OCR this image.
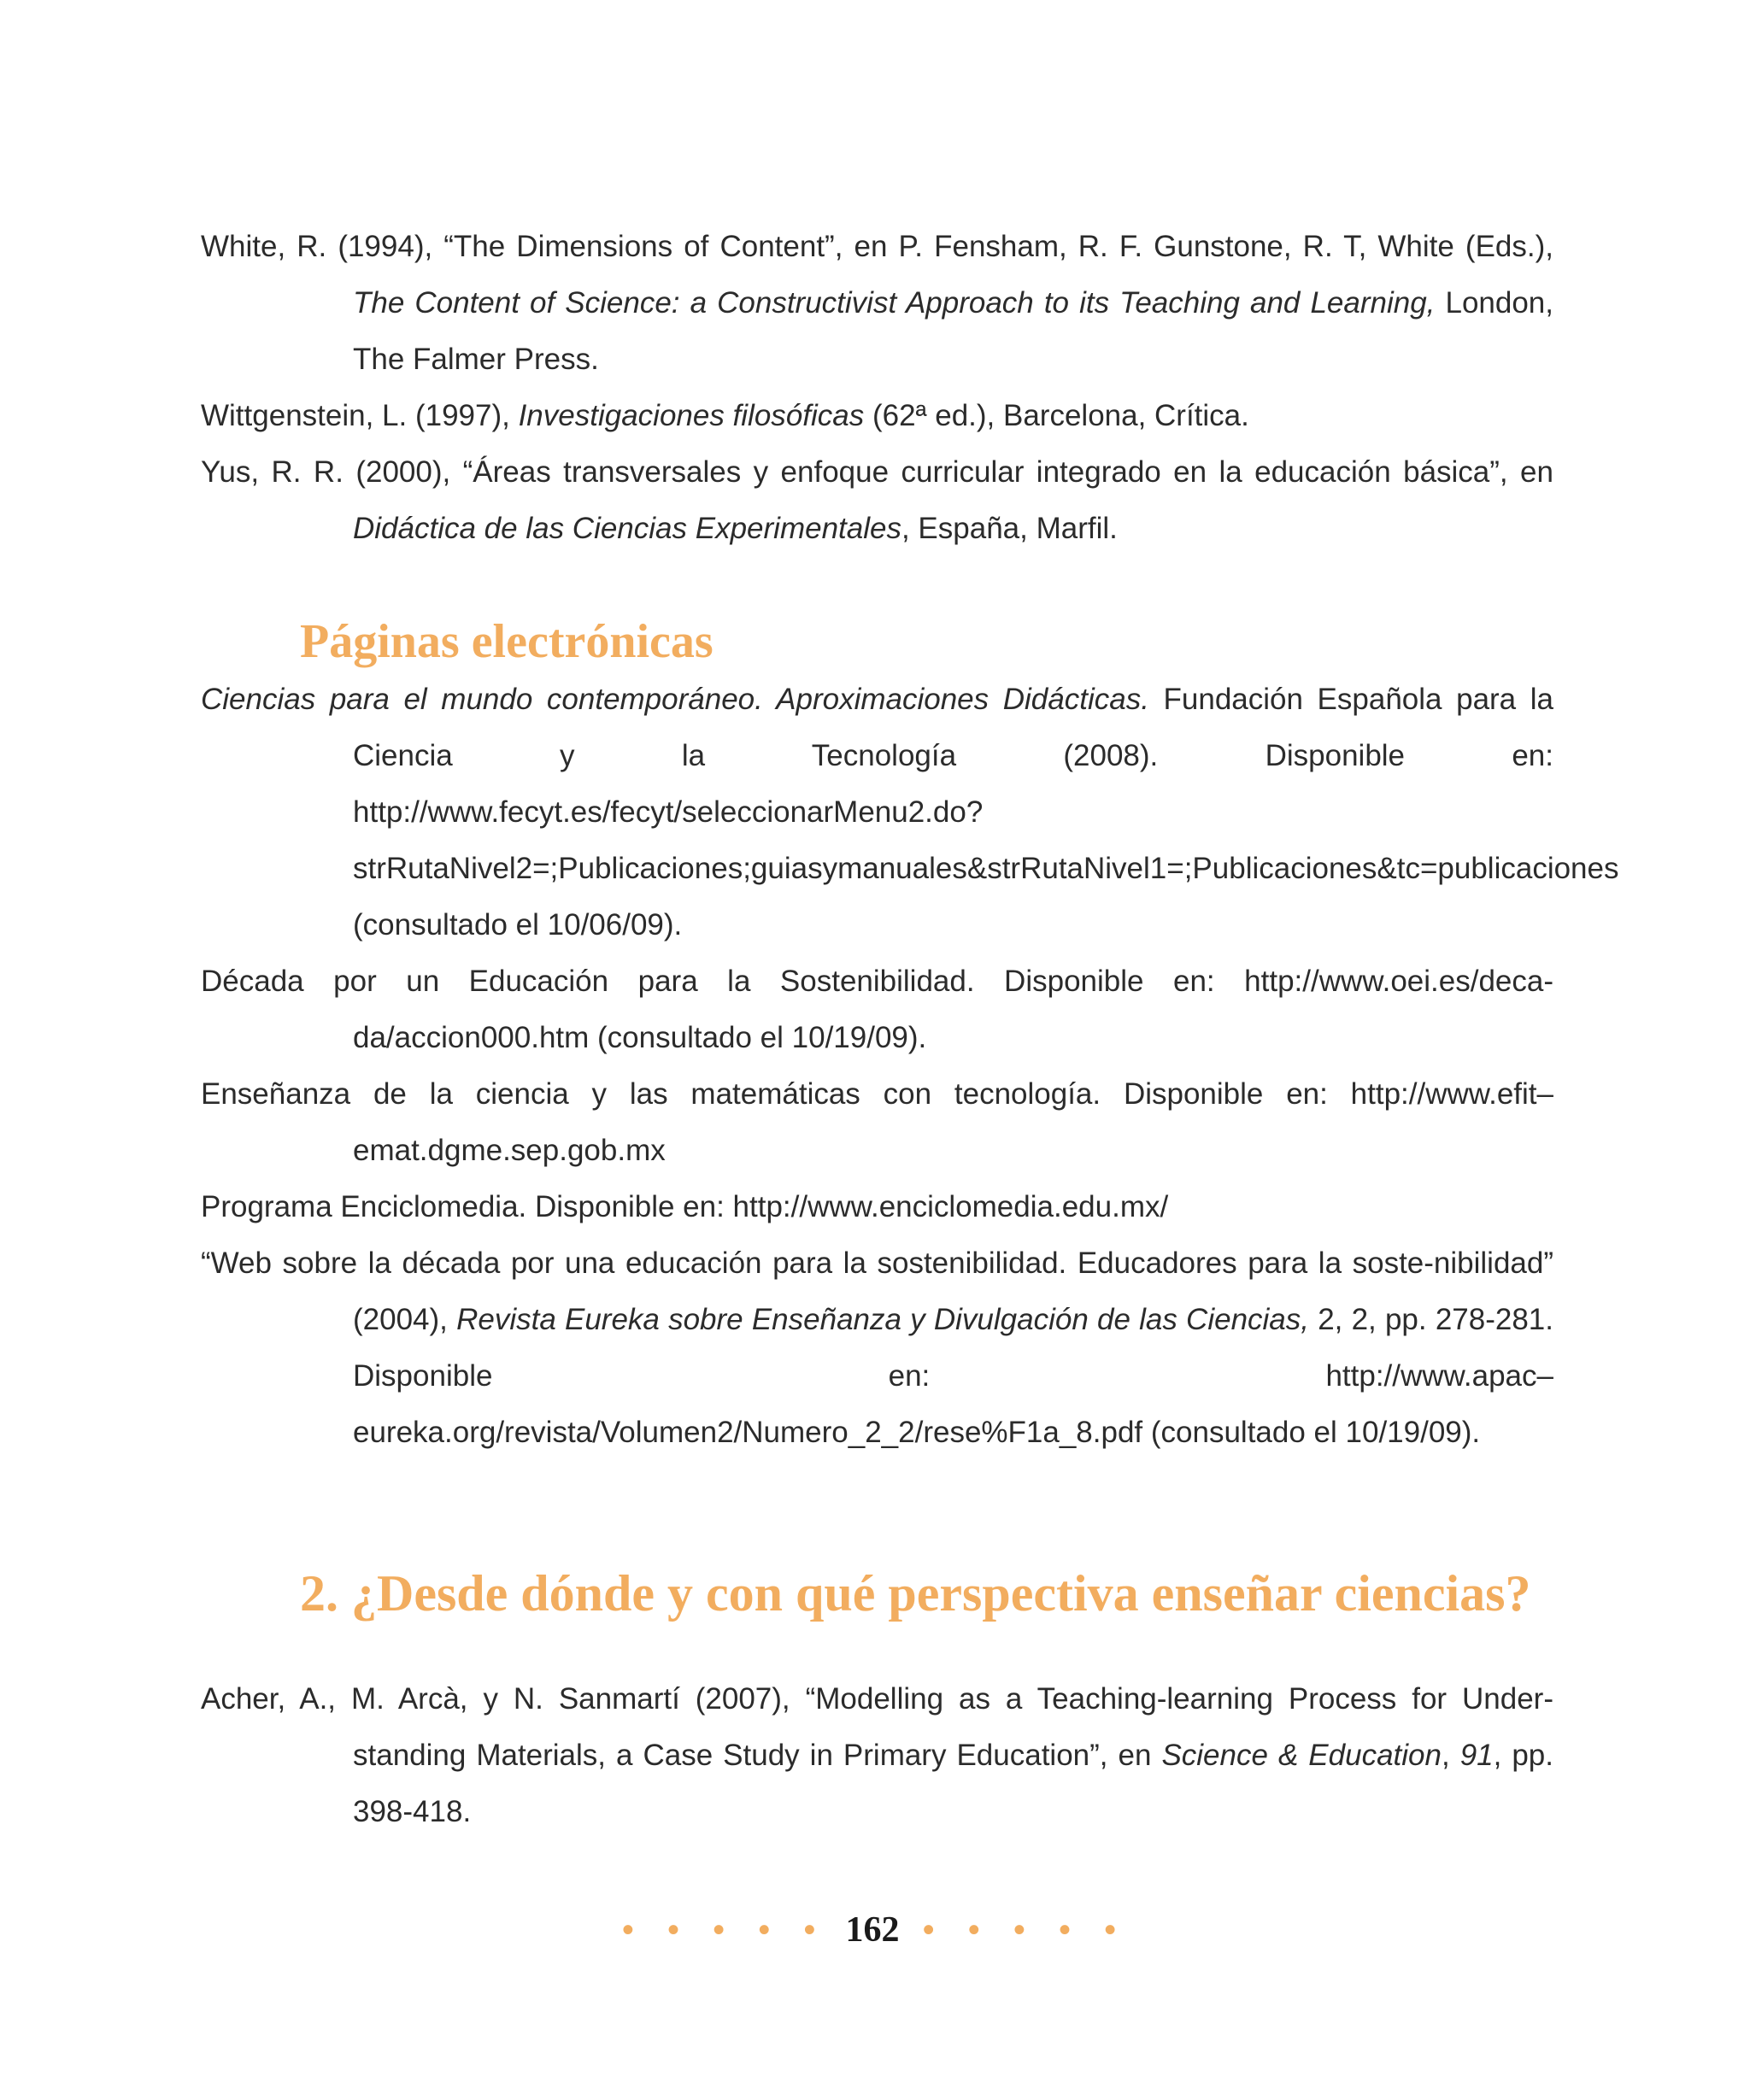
White, R. (1994), “The Dimensions of Content”, en P. Fensham, R. F. Gunstone, R. T, White (Eds.), The Content of Science: a Constructivist Approach to its Teaching and Learning, London, The Falmer Press.

Wittgenstein, L. (1997), Investigaciones filosóficas (62ª ed.), Barcelona, Crítica.

Yus, R. R. (2000), “Áreas transversales y enfoque curricular integrado en la educación básica”, en Didáctica de las Ciencias Experimentales, España, Marfil.

Páginas electrónicas

Ciencias para el mundo contemporáneo. Aproximaciones Didácticas. Fundación Española para la Ciencia y la Tecnología (2008). Disponible en: http://www.fecyt.es/fecyt/seleccionarMenu2.do?strRutaNivel2=;Publicaciones;guiasymanuales&strRutaNivel1=;Publicaciones&tc=publicaciones (consultado el 10/06/09).

Década por un Educación para la Sostenibilidad. Disponible en: http://www.oei.es/deca-da/accion000.htm (consultado el 10/19/09).

Enseñanza de la ciencia y las matemáticas con tecnología. Disponible en: http://www.efit–emat.dgme.sep.gob.mx

Programa Enciclomedia. Disponible en: http://www.enciclomedia.edu.mx/

“Web sobre la década por una educación para la sostenibilidad. Educadores para la soste-nibilidad” (2004), Revista Eureka sobre Enseñanza y Divulgación de las Ciencias, 2, 2, pp. 278-281. Disponible en: http://www.apac–eureka.org/revista/Volumen2/Numero_2_2/rese%F1a_8.pdf (consultado el 10/19/09).

2. ¿Desde dónde y con qué perspectiva enseñar ciencias?

Acher, A., M. Arcà, y N. Sanmartí (2007), “Modelling as a Teaching-learning Process for Under-standing Materials, a Case Study in Primary Education”, en Science & Education, 91, pp. 398-418.

• • • • • 162 • • • • •
